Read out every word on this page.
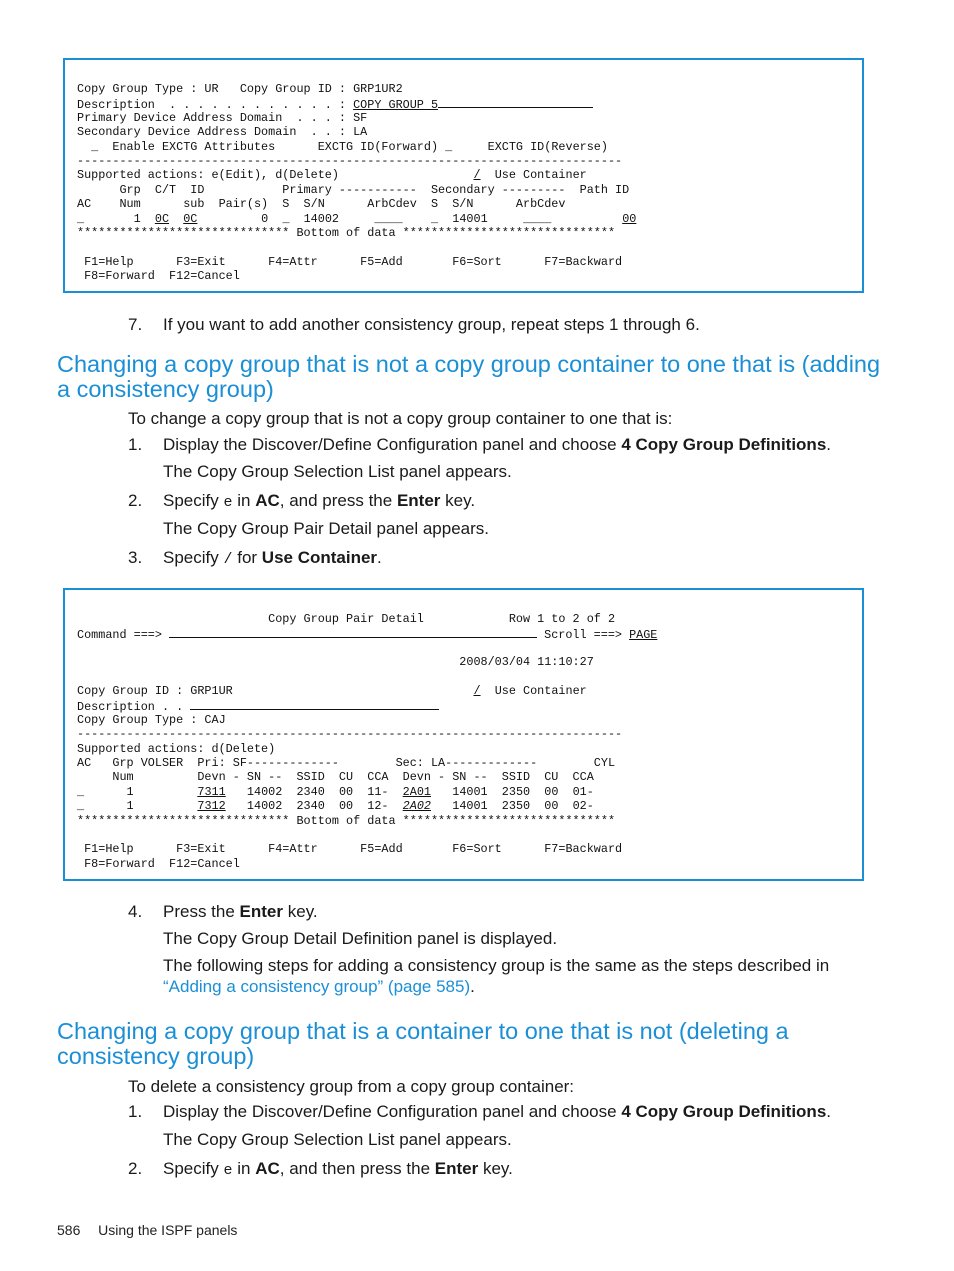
Copy Group Type : UR   Copy Group ID : GRP1UR2

Description  . . . . . . . . . . . . : COPY GROUP 5

Primary Device Address Domain  . . . : SF

Secondary Device Address Domain  . . : LA

_  Enable EXCTG Attributes      EXCTG ID(Forward) _     EXCTG ID(Reverse)

-----------------------------------------------------------------------------

Supported actions: e(Edit), d(Delete)                   /  Use Container

Grp  C/T  ID           Primary -----------  Secondary ---------  Path ID

AC    Num      sub  Pair(s)  S  S/N      ArbCdev  S  S/N      ArbCdev

_       1  0C 0C         0  _  14002     ____    _  14001     ____	00

****************************** Bottom of data ******************************

F1=Help      F3=Exit      F4=Attr      F5=Add       F6=Sort      F7=Backward

F8=Forward  F12=Cancel

7. If you want to add another consistency group, repeat steps 1 through 6.
Changing a copy group that is not a copy group container to one that is (adding a consistency group)
To change a copy group that is not a copy group container to one that is:
1. Display the Discover/Define Configuration panel and choose 4 Copy Group Definitions.
The Copy Group Selection List panel appears.
2. Specify e in AC, and press the Enter key.
The Copy Group Pair Detail panel appears.
3. Specify / for Use Container.

Copy Group Pair Detail            Row 1 to 2 of 2

Command ===>	Scroll ===> PAGE

2008/03/04 11:10:27

Copy Group ID : GRP1UR                                  /  Use Container

Description . .

Copy Group Type : CAJ

-----------------------------------------------------------------------------

Supported actions: d(Delete)

AC   Grp VOLSER  Pri: SF-------------        Sec: LA-------------        CYL

Num         Devn - SN --  SSID  CU  CCA  Devn - SN --  SSID  CU  CCA

_      1         7311   14002  2340  00  11-  2A01   14001  2350  00  01-

_      1         7312   14002  2340  00  12-  2A02   14001  2350  00  02-

****************************** Bottom of data ******************************

F1=Help      F3=Exit      F4=Attr      F5=Add       F6=Sort      F7=Backward

F8=Forward  F12=Cancel

4. Press the Enter key.
The Copy Group Detail Definition panel is displayed.
The following steps for adding a consistency group is the same as the steps described in
“Adding a consistency group” (page 585).
Changing a copy group that is a container to one that is not (deleting a consistency group)
To delete a consistency group from a copy group container:
1. Display the Discover/Define Configuration panel and choose 4 Copy Group Definitions.
The Copy Group Selection List panel appears.
2. Specify e in AC, and then press the Enter key.
586 Using the ISPF panels
